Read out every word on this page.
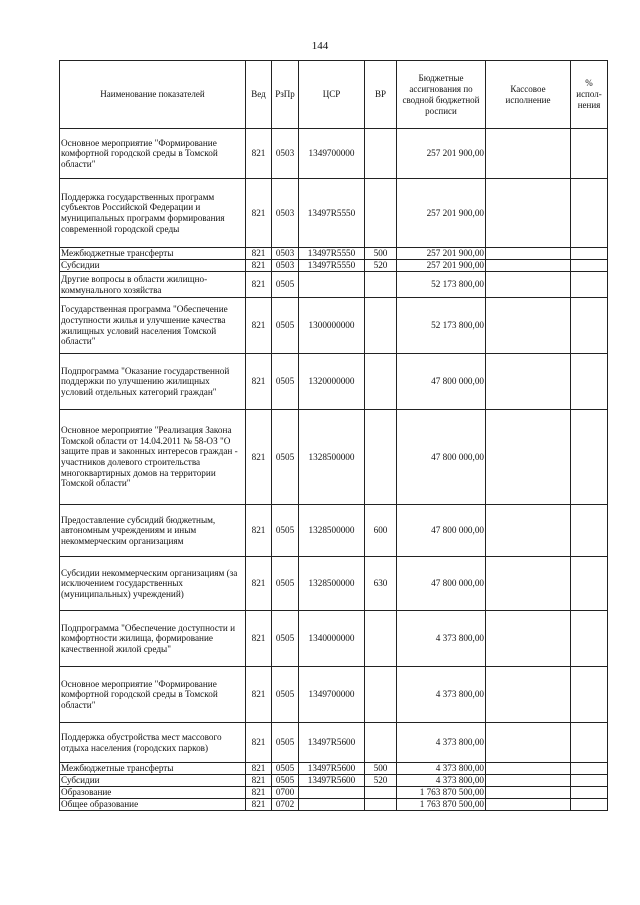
144
Наименование показателей	Вед	РзПр	ЦСР	ВР	Бюджетные ассигнования по сводной бюджетной росписи	Кассовое исполнение	% испол- нения
Основное мероприятие "Формирование комфортной городской среды в Томской области"	821	0503	1349700000		257 201 900,00		
Поддержка государственных программ субъектов Российской Федерации и муниципальных программ формирования современной городской среды	821	0503	13497R5550		257 201 900,00		
Межбюджетные трансферты	821	0503	13497R5550	500	257 201 900,00		
Субсидии	821	0503	13497R5550	520	257 201 900,00		
Другие вопросы в области жилищно-коммунального хозяйства	821	0505			52 173 800,00		
Государственная программа "Обеспечение доступности жилья и улучшение качества жилищных условий населения Томской области"	821	0505	1300000000		52 173 800,00		
Подпрограмма "Оказание государственной поддержки по улучшению жилищных условий отдельных категорий граждан"	821	0505	1320000000		47 800 000,00		
Основное мероприятие "Реализация Закона Томской области от 14.04.2011 № 58-ОЗ "О защите прав и законных интересов граждан - участников долевого строительства многоквартирных домов на территории Томской области"	821	0505	1328500000		47 800 000,00		
Предоставление субсидий бюджетным, автономным учреждениям и иным некоммерческим организациям	821	0505	1328500000	600	47 800 000,00		
Субсидии некоммерческим организациям (за исключением государственных (муниципальных) учреждений)	821	0505	1328500000	630	47 800 000,00		
Подпрограмма "Обеспечение доступности и комфортности жилища, формирование качественной жилой среды"	821	0505	1340000000		4 373 800,00		
Основное мероприятие "Формирование комфортной городской среды в Томской области"	821	0505	1349700000		4 373 800,00		
Поддержка обустройства мест массового отдыха населения (городских парков)	821	0505	13497R5600		4 373 800,00		
Межбюджетные трансферты	821	0505	13497R5600	500	4 373 800,00		
Субсидии	821	0505	13497R5600	520	4 373 800,00		
Образование	821	0700			1 763 870 500,00		
Общее образование	821	0702			1 763 870 500,00		
